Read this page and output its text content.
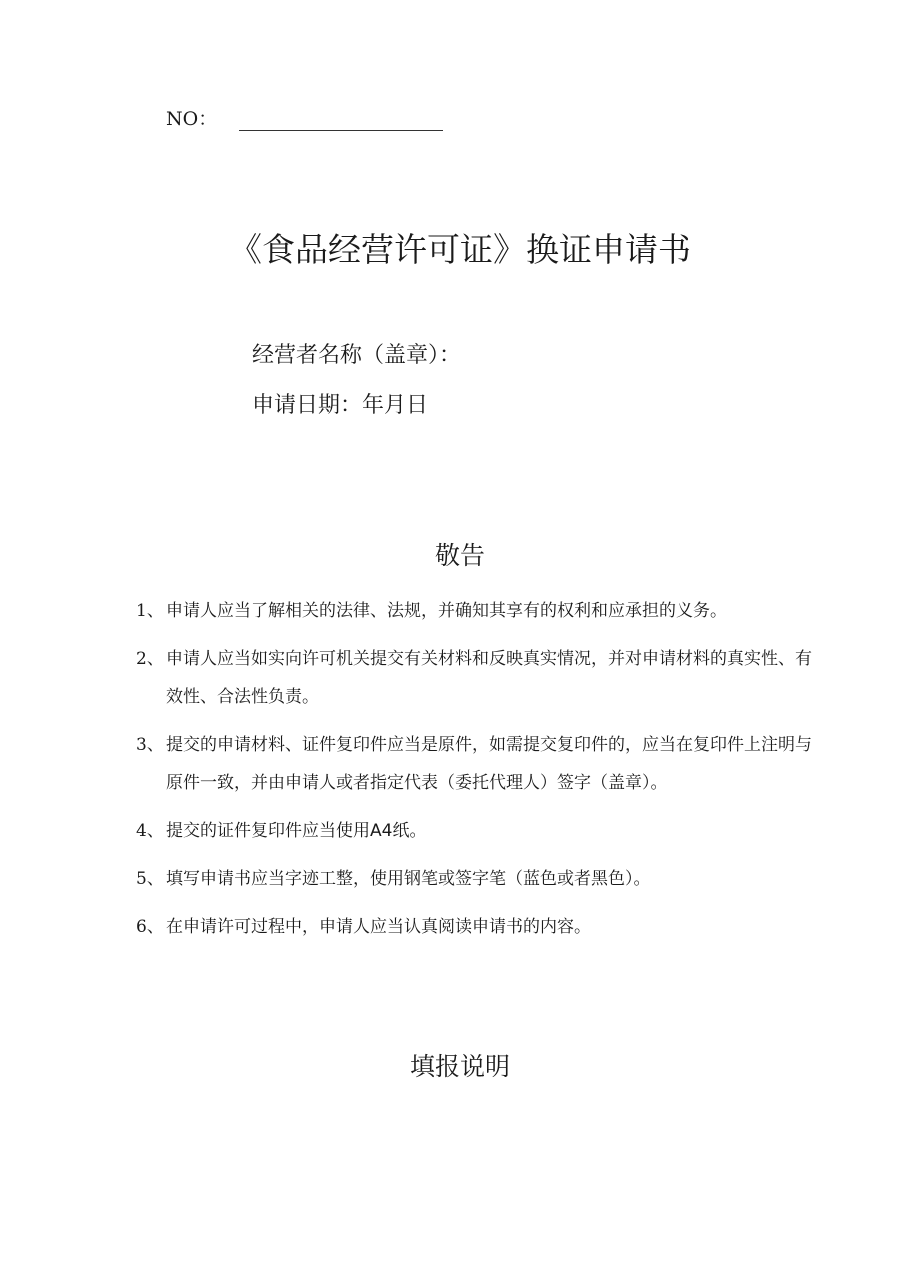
NO：
《食品经营许可证》换证申请书
经营者名称（盖章）：
申请日期：年月日
敬告
1、 申请人应当了解相关的法律、法规，并确知其享有的权利和应承担的义务。
2、 申请人应当如实向许可机关提交有关材料和反映真实情况，并对申请材料的真实性、有效性、合法性负责。
3、 提交的申请材料、证件复印件应当是原件，如需提交复印件的，应当在复印件上注明与原件一致，并由申请人或者指定代表（委托代理人）签字（盖章）。
4、 提交的证件复印件应当使用A4纸。
5、 填写申请书应当字迹工整，使用钢笔或签字笔（蓝色或者黑色）。
6、 在申请许可过程中，申请人应当认真阅读申请书的内容。
填报说明
